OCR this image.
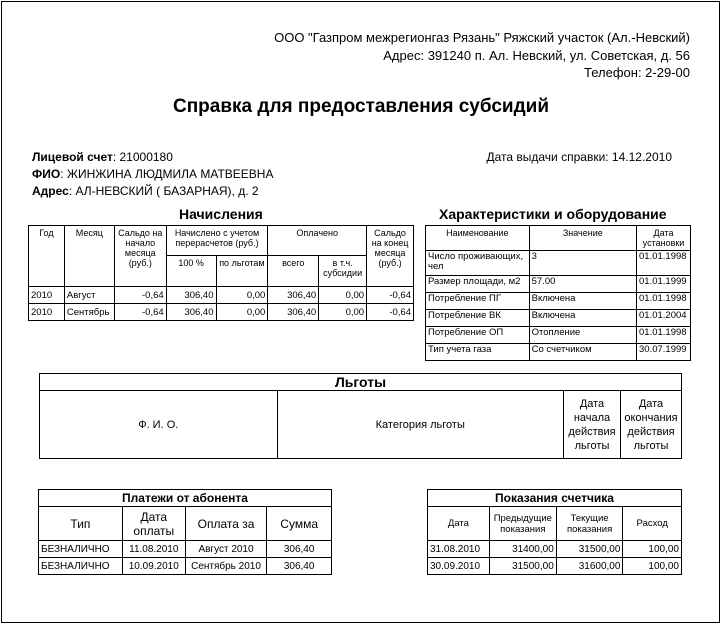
ООО "Газпром межрегионгаз Рязань" Ряжский участок (Ал.-Невский)
Адрес: 391240 п. Ал. Невский, ул. Советская, д. 56
Телефон: 2-29-00
Справка для предоставления субсидий
Лицевой счет: 21000180
ФИО: ЖИНЖИНА ЛЮДМИЛА МАТВЕЕВНА
Адрес: АЛ-НЕВСКИЙ ( БАЗАРНАЯ), д. 2
Дата выдачи справки: 14.12.2010
Начисления	Характеристики и оборудование
Год	Месяц	Сальдо на начало месяца (руб.)	Начислено с учетом перерасчетов (руб.)		Оплачено		Сальдо на конец месяца (руб.)
			100 %	по льготам	всего	в т.ч. субсидии	
2010	Август	-0,64	306,40	0,00	306,40	0,00	-0,64
2010	Сентябрь	-0,64	306,40	0,00	306,40	0,00	-0,64
Наименование	Значение	Дата установки
Число проживающих, чел	3	01.01.1998
Размер площади, м2	57.00	01.01.1999
Потребление ПГ	Включена	01.01.1998
Потребление ВК	Включена	01.01.2004
Потребление ОП	Отопление	01.01.1998
Тип учета газа	Со счетчиком	30.07.1999
Льготы
Ф. И. О.	Категория льготы	Дата начала действия льготы	Дата окончания действия льготы
Платежи от абонента			
Тип	Дата оплаты	Оплата за	Сумма
БЕЗНАЛИЧНО	11.08.2010	Август 2010	306,40
БЕЗНАЛИЧНО	10.09.2010	Сентябрь 2010	306,40
Показания счетчика			
Дата	Предыдущие показания	Текущие показания	Расход
31.08.2010	31400,00	31500,00	100,00
30.09.2010	31500,00	31600,00	100,00
